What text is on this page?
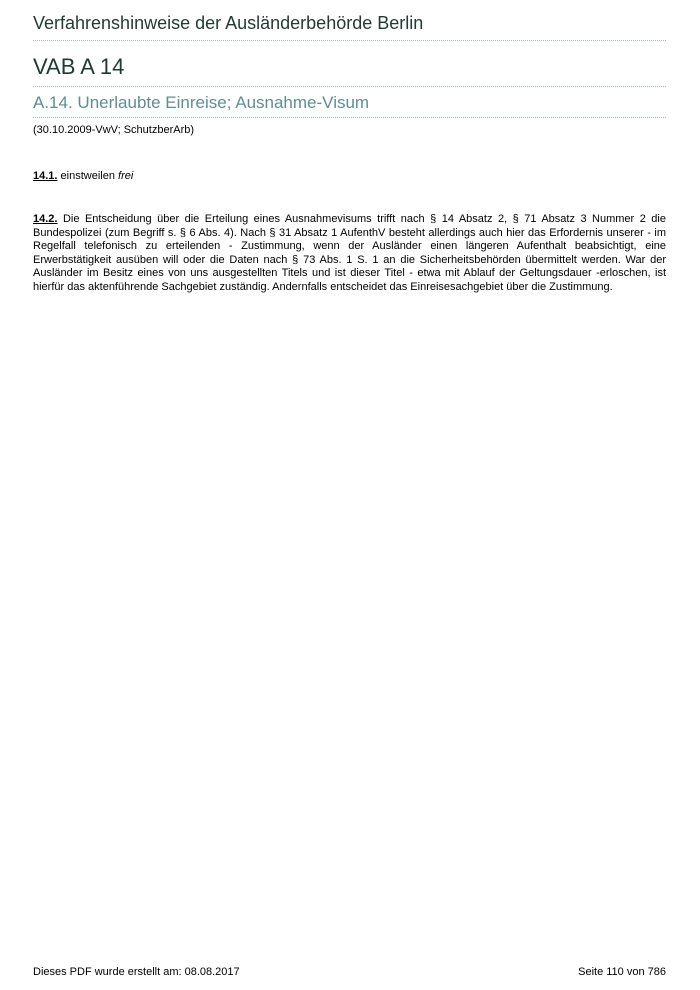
Verfahrenshinweise der Ausländerbehörde Berlin
VAB A 14
A.14. Unerlaubte Einreise; Ausnahme-Visum
(30.10.2009-VwV; SchutzberArb)
14.1. einstweilen frei
14.2. Die Entscheidung über die Erteilung eines Ausnahmevisums trifft nach § 14 Absatz 2, § 71 Absatz 3 Nummer 2 die Bundespolizei (zum Begriff s. § 6 Abs. 4). Nach § 31 Absatz 1 AufenthV besteht allerdings auch hier das Erfordernis unserer - im Regelfall telefonisch zu erteilenden - Zustimmung, wenn der Ausländer einen längeren Aufenthalt beabsichtigt, eine Erwerbstätigkeit ausüben will oder die Daten nach § 73 Abs. 1 S. 1 an die Sicherheitsbehörden übermittelt werden. War der Ausländer im Besitz eines von uns ausgestellten Titels und ist dieser Titel - etwa mit Ablauf der Geltungsdauer -erloschen, ist hierfür das aktenführende Sachgebiet zuständig. Andernfalls entscheidet das Einreisesachgebiet über die Zustimmung.
Dieses PDF wurde erstellt am: 08.08.2017	Seite 110 von 786
